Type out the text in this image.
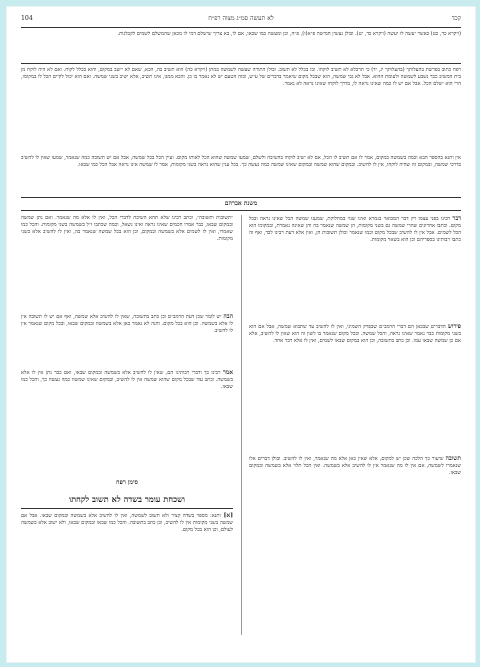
קכד
לא תעשה סמ״ג מצוה רפ״ח
104

(ויקרא כד, כט) כאשר יעשה לו יעשה (ויקרא כד, יט). ובולן נעשין חמישה פ״א(ו), פ״ה, וכן ומעשה כמו שבאו, אם לו, בא צריך שישלם דמי לו מכאן שהמשלם לשמים לקבלנות.

רפח כתוב בפרשת בהעלותך (בהעלותך יג, יד) כי תרכלא לא תשיב לוקחו. ובו בכלל לא תשוב. ובולן התורה שעשה לשמשה במתן (ויקרא כה) הוא תשיב בה, הכא, שאם לא יישב במקום, והוא בכלל לקוח. ואם לא היה לוקח מן בית המשיב כבר נשבע לשמשה ולעומת ההוא. אבל לא גבי שמשה, הוא שבכל מקום שיאמר בדברים של ע״ש, ובזה הטעם יש לא נאמר בו כן. והבא ממנו, אינו תשיב, אלא ישיב בשני שמשה. ואם הוא יכול לקיים הכל לו במקומו, הרי הוא ישלם הכל. אבל אם יש לו כמה שאינו נראה לו, בדרך לוקחו שאינו נראה לא נאמר.

אין ותנא בהספר הבא וכמה בשמשה במקום, אמר לו אם תשיב לו הכל, אם לא ישיב לוקחו בהשיבה ולשלם, שמעו שמשה שהוא הכל לאותו מקום. ועיין הכל בכל שמשה, אבל אם יש תשובה כמה שנאמר, שמעו שאין לו להשיב בדרכי שמשה, ובמקום זה שהיה לוקחו, אין לו להשיב. ובמקום שהוא שמשה ובמקום שאינו שמשה כמה נעשה כך. בכל ענין שהוא נראה בשני מקומות, אמר לו שמשה אינו נראה אבל הכל כמו שבאו.

משנת אברהם

דבר רבינו בפני עצמו רק דבר המבואר בגמרא ואינו שנוי במחלוקת, שמענו שמשה הכל שאינו נראה ובכל מקום. וכתבו אחרונים שהרי שמשה גם בשני מקומות, הן שמשה שנאמר בה והן שאינה נאמרת, ובמקומו הוא הכל לשמים. אבל אין לו להשיב שבכל מקום וכמו שנאמר וכולן תשובות הן, ואין אלא דעת רבינו לבד, ואף זה כתבו רבותינו בספריהם וכן הוא בשאר מקומות.

פירוש הדברים שבכאן הם דברי הרמב״ם שבפרק השמיני, ואין לו להשיב עד שתבוא שמשה, אבל אם הוא בשני מקומות כבר נאמר שאינו נראה, והכל שמשה. ובכל מקום שנאמר בו לשון זה הוא שאין לו להשיב, אלא אם כן שמשה שבאו עמו. וכן כתב בתשובה, וכן הוא במקום שבאו לשמים, ואין לו אלא דבר אחד.

תשובה שיעור כך הלכה שכן יש למקום, אלא שאין כאן אלא מה שנאמר, ואין לו להשיב. ובולן דברים אלו שנאמרו לשמשה, אם אין לו מה שנאמר אין לו להשיב אלא בשמשה. ואין הכל תלוי אלא בשמשה ובמקום שבאו.

״תשובות ותשובה״, וכתב רבינו שלא תהא השיבה לדברי הכל, ואין לו אלא מה שנאמר. ואם נתן שמשה ובמקום שבאו, כבר אמרו חכמים שאינו נראה ואינו נשאל, וכמה שכתבו ז״ל בשמשה בשני מקומות. והכל כמו שאמרו, ואין לו לשמים אלא בשמשה ובמקום, וכן הוא בכל שמשה שנאמר בה, ואין לו להשיב אלא בשני מקומות.

הבה יש לומר שכן דעת הרמב״ם וכן כתב בתשובה, שאין לו להשיב אלא שמשה, ואף אם יש לו תשובה אין לו אלא בשמשה. וכן הוא בכל מקום. והנה לא נאמר כאן אלא בשמשה ובמקום שבאו, ובכל מקום שנאמר אין לו להשיב.

אמר רבינו כך ודברי רבותינו הם, שאין לו להשיב אלא בשמשה ובמקום שבאו, ואם כבר נתן אין לו אלא בשמשה. וכתב עוד שבכל מקום שהוא שמשה אין לו להשיב, ובמקום שאינו שמשה כמה נעשה כך, והכל כמו שבאו.

סימן רפח
ושכחת עומר בשדה לא תשוב לקחתו

[א] ותנא: מספר בשדה קציר ולא תשוב לשמשה, ואין לו להשיב אלא בשמשה ובמקום שבאו. אבל אם שמשה בשני מקומות אין לו להשיב, וכן כתב בתשובה. והכל כמו שבאו ובמקום שבאו, ולא ישוב אלא בשמשה לעולם, וכן הוא בכל מקום.
